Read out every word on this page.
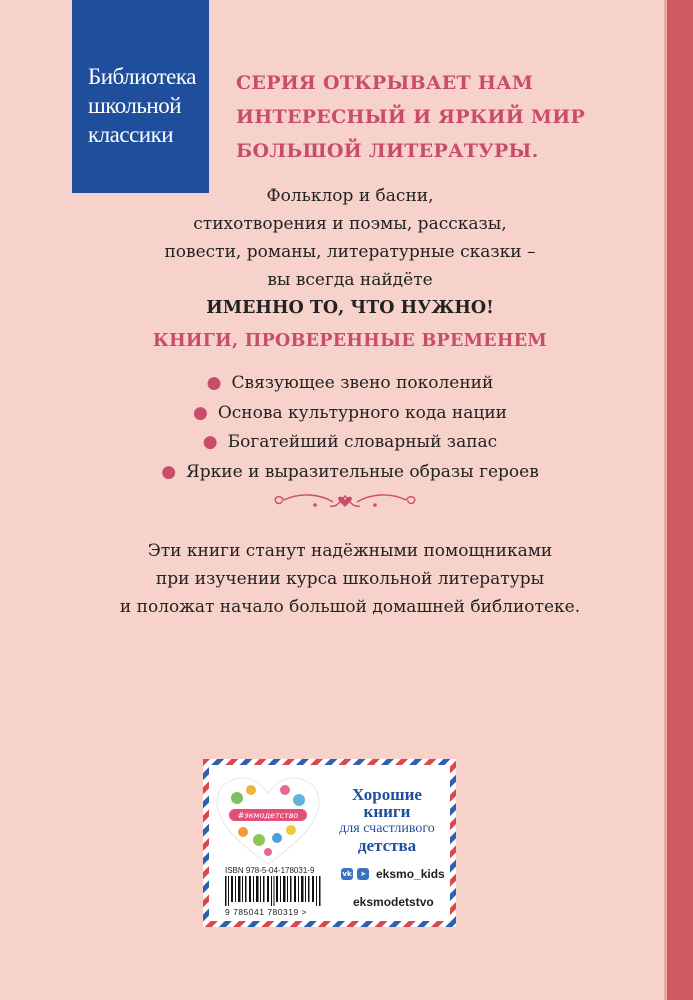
Библиотека
школьной
классики
СЕРИЯ ОТКРЫВАЕТ НАМ
ИНТЕРЕСНЫЙ И ЯРКИЙ МИР
БОЛЬШОЙ ЛИТЕРАТУРЫ.
Фольклор и басни,
стихотворения и поэмы, рассказы,
повести, романы, литературные сказки –
вы всегда найдёте
ИМЕННО ТО, ЧТО НУЖНО!
КНИГИ, ПРОВЕРЕННЫЕ ВРЕМЕНЕМ
● Связующее звено поколений
● Основа культурного кода нации
● Богатейший словарный запас
● Яркие и выразительные образы героев
Эти книги станут надёжными помощниками
при изучении курса школьной литературы
и положат начало большой домашней библиотеке.
#экмодетство
Хорошие
книги
для счастливого
детства
ISBN 978-5-04-178031-9
9 785041 780319 >
vk	➤ eksmo_kids
eksmodetstvo
